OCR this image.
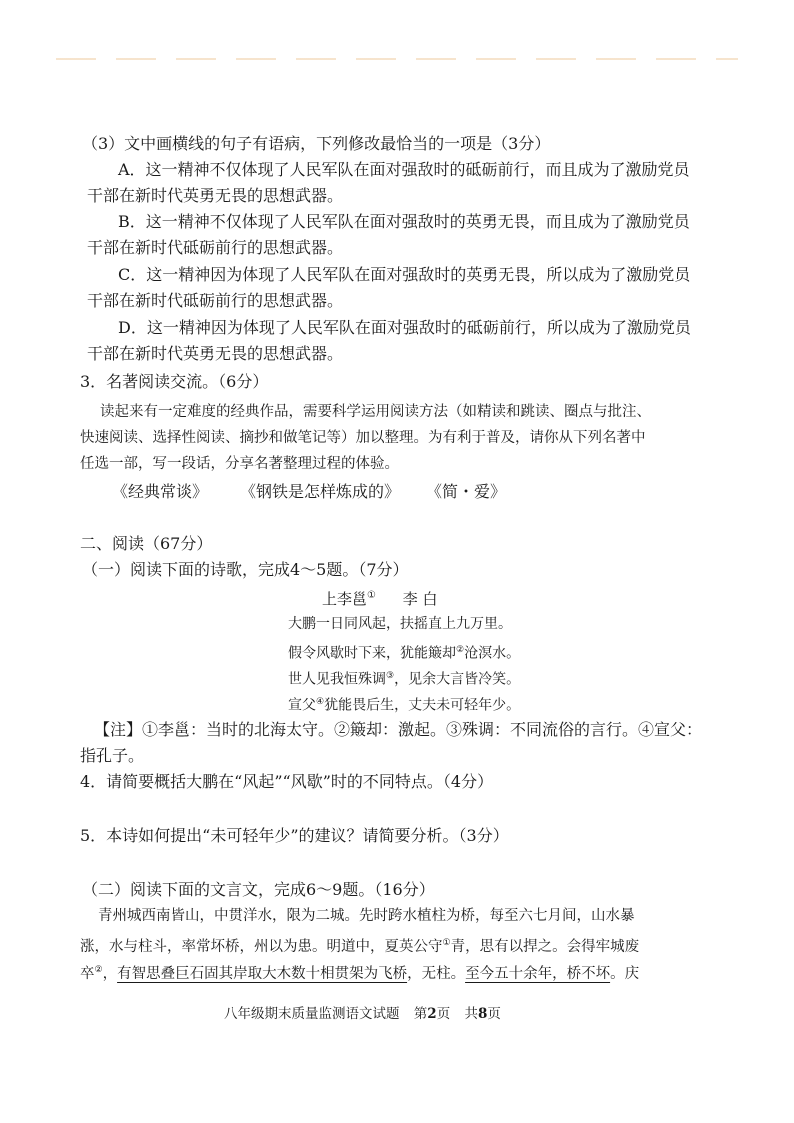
（3）文中画横线的句子有语病，下列修改最恰当的一项是（3分）
A．这一精神不仅体现了人民军队在面对强敌时的砥砺前行，而且成为了激励党员
干部在新时代英勇无畏的思想武器。
B．这一精神不仅体现了人民军队在面对强敌时的英勇无畏，而且成为了激励党员
干部在新时代砥砺前行的思想武器。
C．这一精神因为体现了人民军队在面对强敌时的英勇无畏，所以成为了激励党员
干部在新时代砥砺前行的思想武器。
D．这一精神因为体现了人民军队在面对强敌时的砥砺前行，所以成为了激励党员
干部在新时代英勇无畏的思想武器。
3．名著阅读交流。（6分）
读起来有一定难度的经典作品，需要科学运用阅读方法（如精读和跳读、圈点与批注、
快速阅读、选择性阅读、摘抄和做笔记等）加以整理。为有利于普及，请你从下列名著中
任选一部，写一段话，分享名著整理过程的体验。
《经典常谈》 《钢铁是怎样炼成的》 《简・爱》
二、阅读（67分）
（一）阅读下面的诗歌，完成4～5题。（7分）
上李邕① 李 白
大鹏一日同风起，扶摇直上九万里。
假令风歇时下来，犹能簸却②沧溟水。
世人见我恒殊调③，见余大言皆冷笑。
宣父④犹能畏后生，丈夫未可轻年少。
【注】①李邕：当时的北海太守。②簸却：激起。③殊调：不同流俗的言行。④宣父：
指孔子。
4．请简要概括大鹏在“风起”“风歇”时的不同特点。（4分）
5．本诗如何提出“未可轻年少”的建议？请简要分析。（3分）
（二）阅读下面的文言文，完成6～9题。（16分）
青州城西南皆山，中贯洋水，限为二城。先时跨水植柱为桥，每至六七月间，山水暴
涨，水与柱斗，率常坏桥，州以为患。明道中，夏英公守①青，思有以捍之。会得牢城废
卒②，有智思叠巨石固其岸取大木数十相贯架为飞桥，无柱。至今五十余年，桥不坏。庆
八年级期末质量监测语文试题 第2页 共8页
